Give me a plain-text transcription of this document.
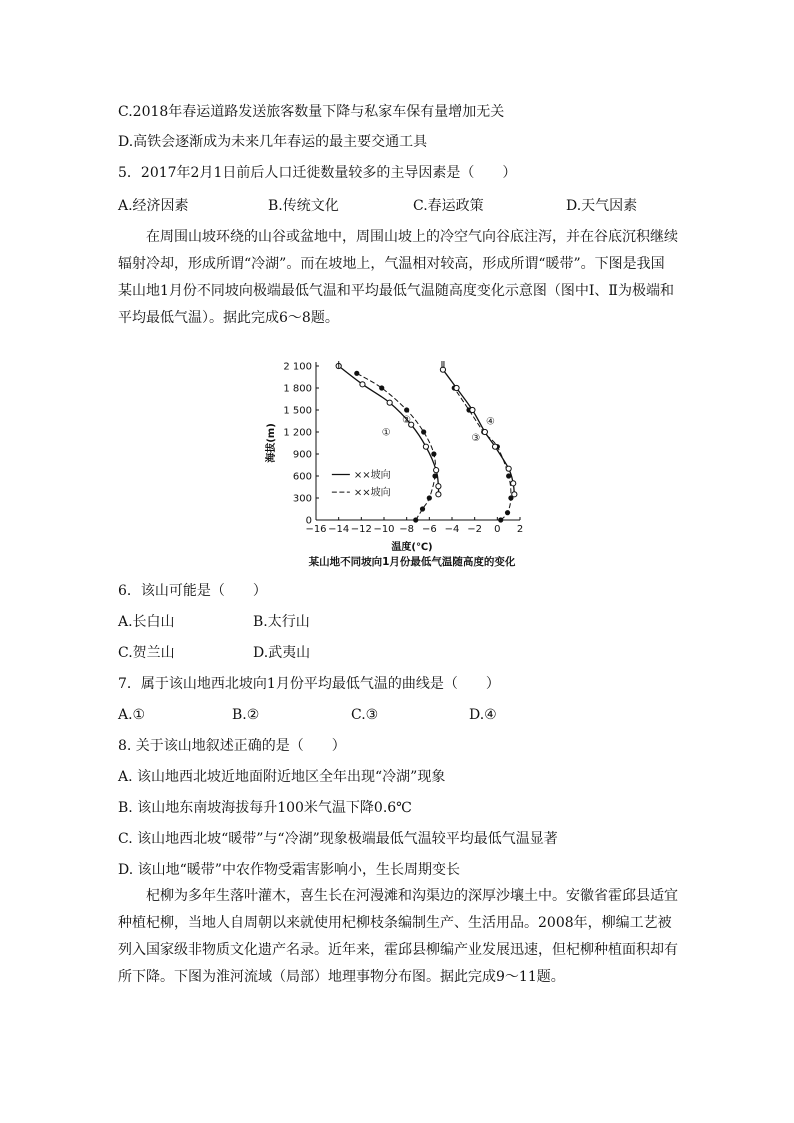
C.2018年春运道路发送旅客数量下降与私家车保有量增加无关
D.高铁会逐渐成为未来几年春运的最主要交通工具
5．2017年2月1日前后人口迁徙数量较多的主导因素是（　　）
A.经济因素	B.传统文化	C.春运政策	D.天气因素

在周围山坡环绕的山谷或盆地中，周围山坡上的冷空气向谷底注泻，并在谷底沉积继续辐射冷却，形成所谓“冷湖”。而在坡地上，气温相对较高，形成所谓“暖带”。下图是我国某山地1月份不同坡向极端最低气温和平均最低气温随高度变化示意图（图中Ⅰ、Ⅱ为极端和平均最低气温）。据此完成6～8题。

−16 −14 −12 −10 −8 −6 −4 −2 0 2
0
300
600
900
1 200
1 500
1 800
2 100
海拔(m)
温度(℃)
某山地不同坡向1月份最低气温随高度的变化
①
②
③
④
Ⅰ	Ⅱ
××坡向
××坡向
6．该山可能是（　　）
A.长白山	B.太行山
C.贺兰山	D.武夷山
7．属于该山地西北坡向1月份平均最低气温的曲线是（　　）
A.①	B.②	C.③	D.④
8. 关于该山地叙述正确的是（　　）
A. 该山地西北坡近地面附近地区全年出现“冷湖”现象
B. 该山地东南坡海拔每升100米气温下降0.6℃
C. 该山地西北坡“暖带”与“冷湖”现象极端最低气温较平均最低气温显著
D. 该山地“暖带”中农作物受霜害影响小，生长周期变长

杞柳为多年生落叶灌木，喜生长在河漫滩和沟渠边的深厚沙壤土中。安徽省霍邱县适宜种植杞柳，当地人自周朝以来就使用杞柳枝条编制生产、生活用品。2008年，柳编工艺被列入国家级非物质文化遗产名录。近年来，霍邱县柳编产业发展迅速，但杞柳种植面积却有所下降。下图为淮河流域（局部）地理事物分布图。据此完成9～11题。
